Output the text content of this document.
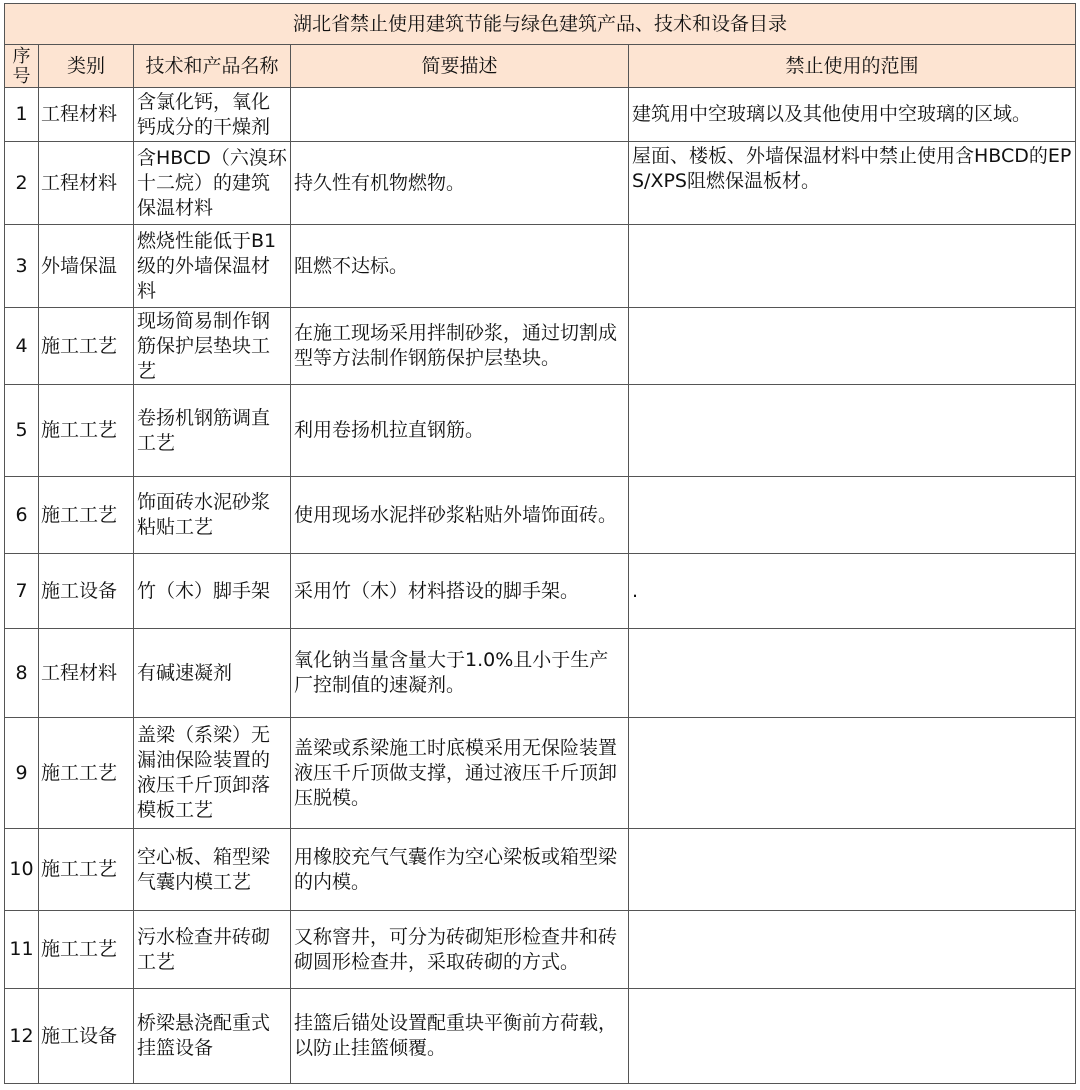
湖北省禁止使用建筑节能与绿色建筑产品、技术和设备目录				
序号	类别	技术和产品名称	简要描述	禁止使用的范围
1	工程材料	含氯化钙，氧化钙成分的干燥剂		建筑用中空玻璃以及其他使用中空玻璃的区域。
2	工程材料	含HBCD（六溴环十二烷）的建筑保温材料	持久性有机物燃物。	屋面、楼板、外墙保温材料中禁止使用含HBCD的EPS/XPS阻燃保温板材。
3	外墙保温	燃烧性能低于B1级的外墙保温材料	阻燃不达标。	
4	施工工艺	现场简易制作钢筋保护层垫块工艺	在施工现场采用拌制砂浆，通过切割成型等方法制作钢筋保护层垫块。	
5	施工工艺	卷扬机钢筋调直工艺	利用卷扬机拉直钢筋。	
6	施工工艺	饰面砖水泥砂浆粘贴工艺	使用现场水泥拌砂浆粘贴外墙饰面砖。	
7	施工设备	竹（木）脚手架	采用竹（木）材料搭设的脚手架。	.
8	工程材料	有碱速凝剂	氧化钠当量含量大于1.0%且小于生产厂控制值的速凝剂。	
9	施工工艺	盖梁（系梁）无漏油保险装置的液压千斤顶卸落模板工艺	盖梁或系梁施工时底模采用无保险装置液压千斤顶做支撑，通过液压千斤顶卸压脱模。	
10	施工工艺	空心板、箱型梁气囊内模工艺	用橡胶充气气囊作为空心梁板或箱型梁的内模。	
11	施工工艺	污水检查井砖砌工艺	又称窨井，可分为砖砌矩形检查井和砖砌圆形检查井，采取砖砌的方式。	
12	施工设备	桥梁悬浇配重式挂篮设备	挂篮后锚处设置配重块平衡前方荷载，以防止挂篮倾覆。	
